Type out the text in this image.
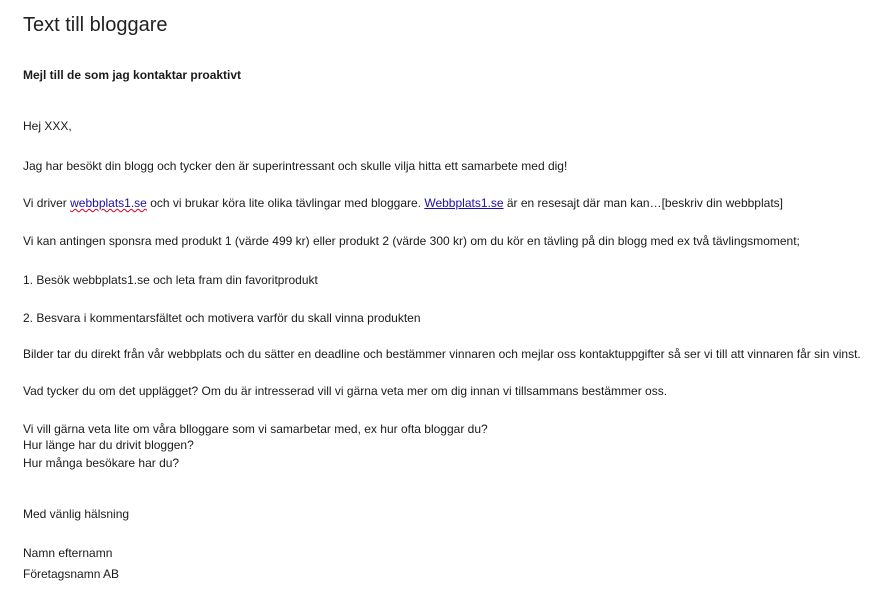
Text till bloggare

Mejl till de som jag kontaktar proaktivt

Hej XXX,

Jag har besökt din blogg och tycker den är superintressant och skulle vilja hitta ett samarbete med dig!

Vi driver webbplats1.se och vi brukar köra lite olika tävlingar med bloggare. Webbplats1.se är en resesajt där man kan…[beskriv din webbplats]

Vi kan antingen sponsra med produkt 1 (värde 499 kr) eller produkt 2 (värde 300 kr) om du kör en tävling på din blogg med ex två tävlingsmoment;

1. Besök webbplats1.se och leta fram din favoritprodukt

2. Besvara i kommentarsfältet och motivera varför du skall vinna produkten

Bilder tar du direkt från vår webbplats och du sätter en deadline och bestämmer vinnaren och mejlar oss kontaktuppgifter så ser vi till att vinnaren får sin vinst.

Vad tycker du om det upplägget? Om du är intresserad vill vi gärna veta mer om dig innan vi tillsammans bestämmer oss.

Vi vill gärna veta lite om våra blloggare som vi samarbetar med, ex hur ofta bloggar du?

Hur länge har du drivit bloggen?

Hur många besökare har du?

Med vänlig hälsning

Namn efternamn

Företagsnamn AB
